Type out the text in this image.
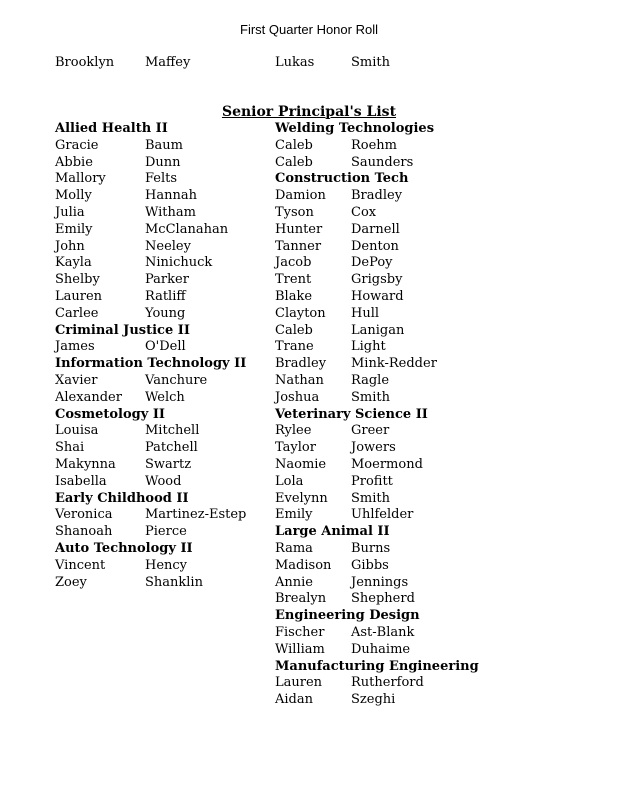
First Quarter Honor Roll
Brooklyn Maffey	Lukas	Smith
Senior Principal's List
Allied Health II
Gracie	Baum
Abbie	Dunn
Mallory	Felts
Molly	Hannah
Julia	Witham
Emily	McClanahan
John	Neeley
Kayla	Ninichuck
Shelby	Parker
Lauren	Ratliff
Carlee	Young
Criminal Justice II
James	O'Dell
Information Technology II
Xavier	Vanchure
Alexander Welch
Cosmetology II
Louisa	Mitchell
Shai	Patchell
Makynna Swartz
Isabella	Wood
Early Childhood II
Veronica	Martinez-Estep
Shanoah	Pierce
Auto Technology II
Vincent	Hency
Zoey	Shanklin
Welding Technologies
Caleb	Roehm
Caleb	Saunders
Construction Tech
Damion Bradley
Tyson	Cox
Hunter Darnell
Tanner Denton
Jacob	DePoy
Trent	Grigsby
Blake	Howard
Clayton Hull
Caleb	Lanigan
Trane	Light
Bradley Mink-Redder
Nathan Ragle
Joshua Smith
Veterinary Science II
Rylee	Greer
Taylor	Jowers
Naomie Moermond
Lola	Profitt
Evelynn Smith
Emily	Uhlfelder
Large Animal II
Rama	Burns
Madison Gibbs
Annie	Jennings
Brealyn Shepherd
Engineering Design
Fischer Ast-Blank
William Duhaime
Manufacturing Engineering
Lauren Rutherford
Aidan	Szeghi
